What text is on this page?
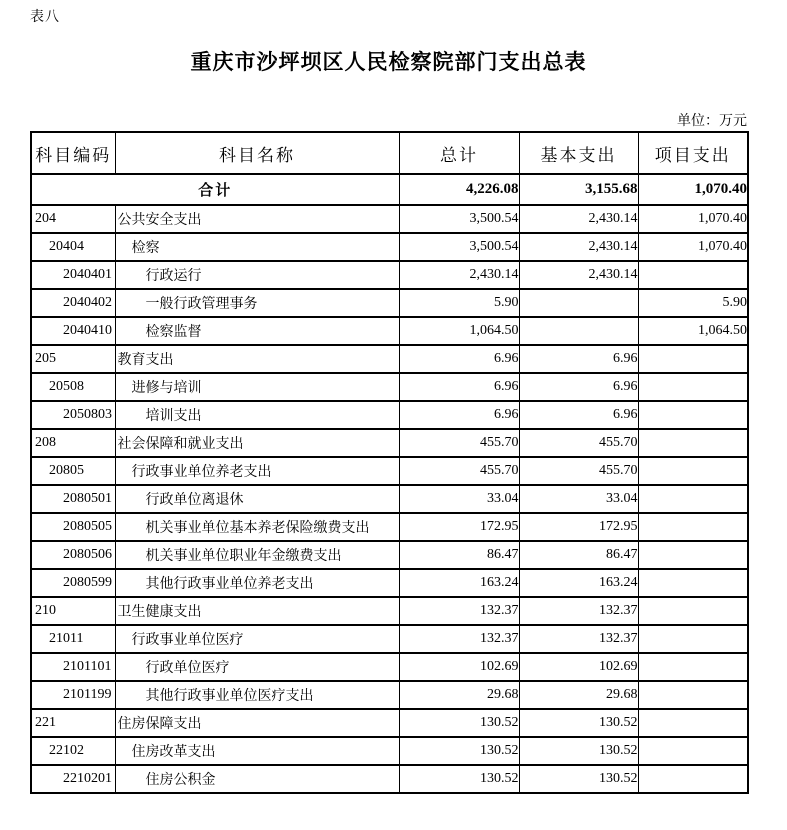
表八
重庆市沙坪坝区人民检察院部门支出总表
单位：万元
科目编码	科目名称	总计	基本支出	项目支出
合计		4,226.08	3,155.68	1,070.40
204	公共安全支出	3,500.54	2,430.14	1,070.40
20404	检察	3,500.54	2,430.14	1,070.40
2040401	行政运行	2,430.14	2,430.14	
2040402	一般行政管理事务	5.90		5.90
2040410	检察监督	1,064.50		1,064.50
205	教育支出	6.96	6.96	
20508	进修与培训	6.96	6.96	
2050803	培训支出	6.96	6.96	
208	社会保障和就业支出	455.70	455.70	
20805	行政事业单位养老支出	455.70	455.70	
2080501	行政单位离退休	33.04	33.04	
2080505	机关事业单位基本养老保险缴费支出	172.95	172.95	
2080506	机关事业单位职业年金缴费支出	86.47	86.47	
2080599	其他行政事业单位养老支出	163.24	163.24	
210	卫生健康支出	132.37	132.37	
21011	行政事业单位医疗	132.37	132.37	
2101101	行政单位医疗	102.69	102.69	
2101199	其他行政事业单位医疗支出	29.68	29.68	
221	住房保障支出	130.52	130.52	
22102	住房改革支出	130.52	130.52	
2210201	住房公积金	130.52	130.52	
